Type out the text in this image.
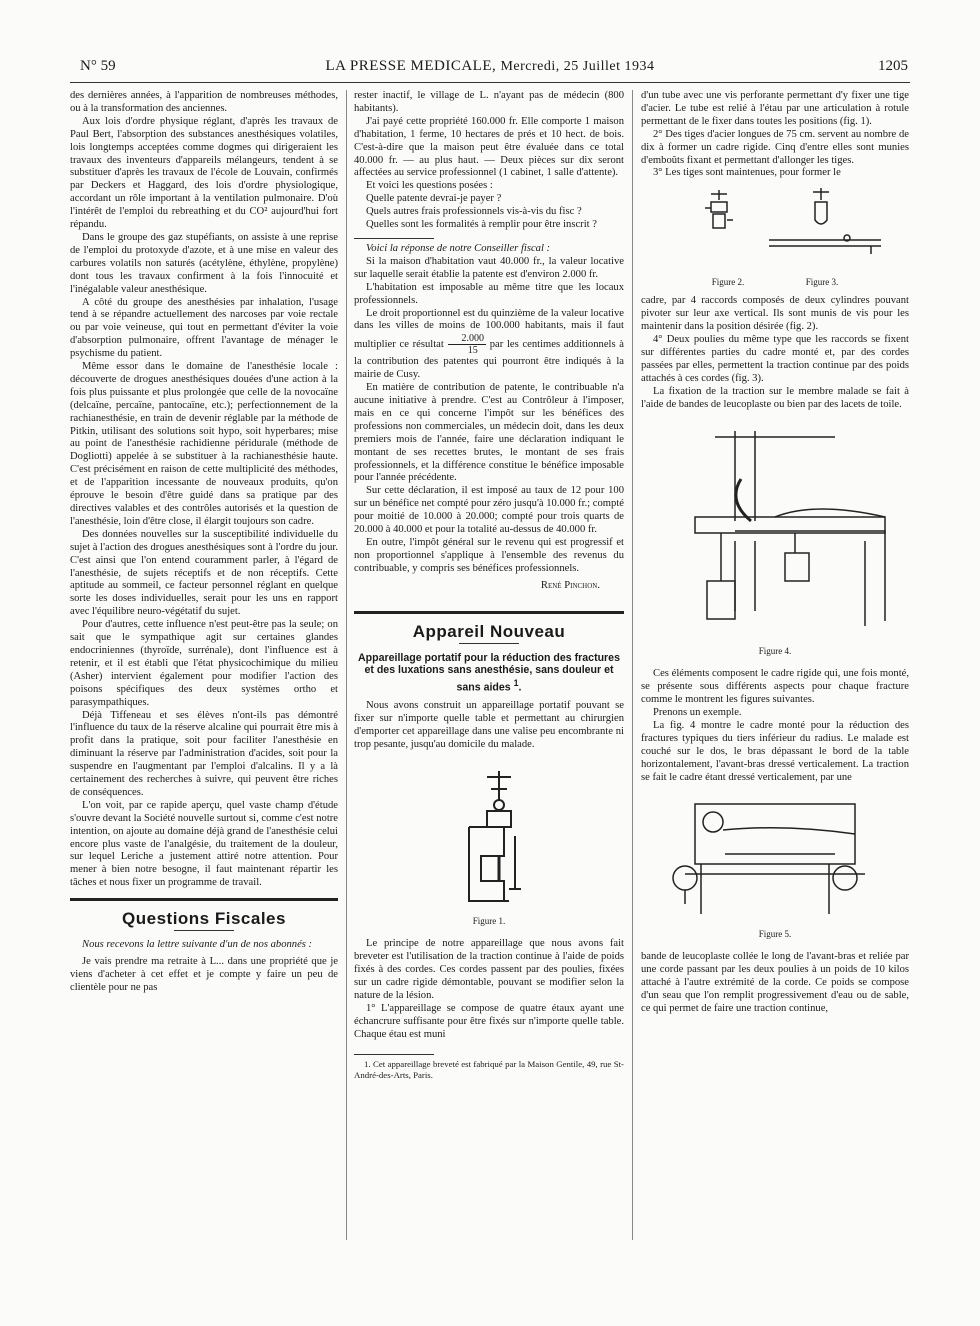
N° 59	LA PRESSE MEDICALE, Mercredi, 25 Juillet 1934	1205

des dernières années, à l'apparition de nombreuses méthodes, ou à la transformation des anciennes.

Aux lois d'ordre physique réglant, d'après les travaux de Paul Bert, l'absorption des substances anesthésiques volatiles, lois longtemps acceptées comme dogmes qui dirigeraient les travaux des inventeurs d'appareils mélangeurs, tendent à se substituer d'après les travaux de l'école de Louvain, confirmés par Deckers et Haggard, des lois d'ordre physiologique, accordant un rôle important à la ventilation pulmonaire. D'où l'intérêt de l'emploi du rebreathing et du CO² aujourd'hui fort répandu.

Dans le groupe des gaz stupéfiants, on assiste à une reprise de l'emploi du protoxyde d'azote, et à une mise en valeur des carbures volatils non saturés (acétylène, éthylène, propylène) dont tous les travaux confirment à la fois l'innocuité et l'inégalable valeur anesthésique.

A côté du groupe des anesthésies par inhalation, l'usage tend à se répandre actuellement des narcoses par voie rectale ou par voie veineuse, qui tout en permettant d'éviter la voie d'absorption pulmonaire, offrent l'avantage de ménager le psychisme du patient.

Même essor dans le domaine de l'anesthésie locale : découverte de drogues anesthésiques douées d'une action à la fois plus puissante et plus prolongée que celle de la novocaïne (delcaïne, percaïne, pantocaïne, etc.); perfectionnement de la rachianesthésie, en train de devenir réglable par la méthode de Pitkin, utilisant des solutions soit hypo, soit hyperbares; mise au point de l'anesthésie rachidienne péridurale (méthode de Dogliotti) appelée à se substituer à la rachianesthésie haute. C'est précisément en raison de cette multiplicité des méthodes, et de l'apparition incessante de nouveaux produits, qu'on éprouve le besoin d'être guidé dans sa pratique par des directives valables et des contrôles autorisés et la question de l'anesthésie, loin d'être close, il élargit toujours son cadre.

Des données nouvelles sur la susceptibilité individuelle du sujet à l'action des drogues anesthésiques sont à l'ordre du jour. C'est ainsi que l'on entend couramment parler, à l'égard de l'anesthésie, de sujets réceptifs et de non réceptifs. Cette aptitude au sommeil, ce facteur personnel réglant en quelque sorte les doses individuelles, serait pour les uns en rapport avec l'équilibre neuro-végétatif du sujet.

Pour d'autres, cette influence n'est peut-être pas la seule; on sait que le sympathique agit sur certaines glandes endocriniennes (thyroïde, surrénale), dont l'influence est à retenir, et il est établi que l'état physicochimique du milieu (Asher) intervient également pour modifier l'action des poisons spécifiques des deux systèmes ortho et parasympathiques.

Déjà Tiffeneau et ses élèves n'ont-ils pas démontré l'influence du taux de la réserve alcaline qui pourrait être mis à profit dans la pratique, soit pour faciliter l'anesthésie en diminuant la réserve par l'administration d'acides, soit pour la suspendre en l'augmentant par l'emploi d'alcalins. Il y a là certainement des recherches à suivre, qui peuvent être riches de conséquences.

L'on voit, par ce rapide aperçu, quel vaste champ d'étude s'ouvre devant la Société nouvelle surtout si, comme c'est notre intention, on ajoute au domaine déjà grand de l'anesthésie celui encore plus vaste de l'analgésie, du traitement de la douleur, sur lequel Leriche a justement attiré notre attention. Pour mener à bien notre besogne, il faut maintenant répartir les tâches et nous fixer un programme de travail.

Questions Fiscales

Nous recevons la lettre suivante d'un de nos abonnés :

Je vais prendre ma retraite à L... dans une propriété que je viens d'acheter à cet effet et je compte y faire un peu de clientèle pour ne pas

rester inactif, le village de L. n'ayant pas de médecin (800 habitants).

J'ai payé cette propriété 160.000 fr. Elle comporte 1 maison d'habitation, 1 ferme, 10 hectares de prés et 10 hect. de bois. C'est-à-dire que la maison peut être évaluée dans ce total 40.000 fr. — au plus haut. — Deux pièces sur dix seront affectées au service professionnel (1 cabinet, 1 salle d'attente).

Et voici les questions posées :

Quelle patente devrai-je payer ?

Quels autres frais professionnels vis-à-vis du fisc ?

Quelles sont les formalités à remplir pour être inscrit ?

Voici la réponse de notre Conseiller fiscal :

Si la maison d'habitation vaut 40.000 fr., la valeur locative sur laquelle serait établie la patente est d'environ 2.000 fr.

L'habitation est imposable au même titre que les locaux professionnels.

Le droit proportionnel est du quinzième de la valeur locative dans les villes de moins de 100.000 habitants, mais il faut multiplier ce résultat $\frac{2.000}{15}$ par les centimes additionnels à la contribution des patentes qui pourront être indiqués à la mairie de Cusy.

En matière de contribution de patente, le contribuable n'a aucune initiative à prendre. C'est au Contrôleur à l'imposer, mais en ce qui concerne l'impôt sur les bénéfices des professions non commerciales, un médecin doit, dans les deux premiers mois de l'année, faire une déclaration indiquant le montant de ses recettes brutes, le montant de ses frais professionnels, et la différence constitue le bénéfice imposable pour l'année précédente.

Sur cette déclaration, il est imposé au taux de 12 pour 100 sur un bénéfice net compté pour zéro jusqu'à 10.000 fr.; compté pour moitié de 10.000 à 20.000; compté pour trois quarts de 20.000 à 40.000 et pour la totalité au-dessus de 40.000 fr.

En outre, l'impôt général sur le revenu qui est progressif et non proportionnel s'applique à l'ensemble des revenus du contribuable, y compris ses bénéfices professionnels.

René Pinchon.
Appareil Nouveau
Appareillage portatif pour la réduction des fractures et des luxations sans anesthésie, sans douleur et sans aides $^1$.

Nous avons construit un appareillage portatif pouvant se fixer sur n'importe quelle table et permettant au chirurgien d'emporter cet appareillage dans une valise peu encombrante ni trop pesante, jusqu'au domicile du malade.

Figure 1.

Le principe de notre appareillage que nous avons fait breveter est l'utilisation de la traction continue à l'aide de poids fixés à des cordes. Ces cordes passent par des poulies, fixées sur un cadre rigide démontable, pouvant se modifier selon la nature de la lésion.

1° L'appareillage se compose de quatre étaux ayant une échancrure suffisante pour être fixés sur n'importe quelle table. Chaque étau est muni

1. Cet appareillage breveté est fabriqué par la Maison Gentile, 49, rue St-André-des-Arts, Paris.

d'un tube avec une vis perforante permettant d'y fixer une tige d'acier. Le tube est relié à l'étau par une articulation à rotule permettant de le fixer dans toutes les positions (fig. 1).

2° Des tiges d'acier longues de 75 cm. servent au nombre de dix à former un cadre rigide. Cinq d'entre elles sont munies d'emboûts fixant et permettant d'allonger les tiges.

3° Les tiges sont maintenues, pour former le

Figure 2.	Figure 3.

cadre, par 4 raccords composés de deux cylindres pouvant pivoter sur leur axe vertical. Ils sont munis de vis pour les maintenir dans la position désirée (fig. 2).

4° Deux poulies du même type que les raccords se fixent sur différentes parties du cadre monté et, par des cordes passées par elles, permettent la traction continue par des poids attachés à ces cordes (fig. 3).

La fixation de la traction sur le membre malade se fait à l'aide de bandes de leucoplaste ou bien par des lacets de toile.

Figure 4.

Ces éléments composent le cadre rigide qui, une fois monté, se présente sous différents aspects pour chaque fracture comme le montrent les figures suivantes.

Prenons un exemple.

La fig. 4 montre le cadre monté pour la réduction des fractures typiques du tiers inférieur du radius. Le malade est couché sur le dos, le bras dépassant le bord de la table horizontalement, l'avant-bras dressé verticalement. La traction se fait le cadre étant dressé verticalement, par une

Figure 5.

bande de leucoplaste collée le long de l'avant-bras et reliée par une corde passant par les deux poulies à un poids de 10 kilos attaché à l'autre extrémité de la corde. Ce poids se compose d'un seau que l'on remplit progressivement d'eau ou de sable, ce qui permet de faire une traction continue,
